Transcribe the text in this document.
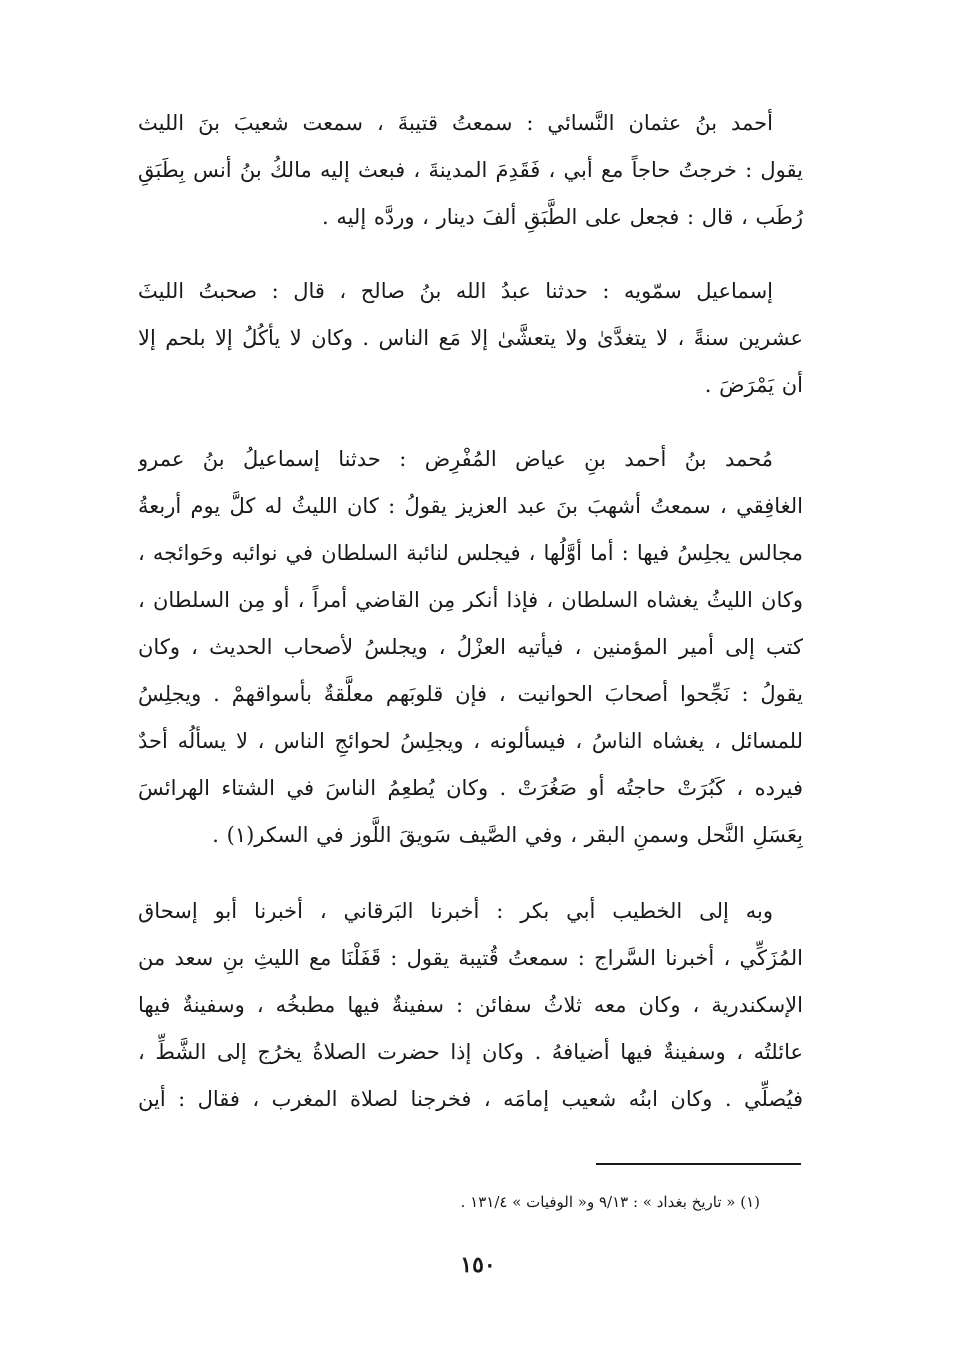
أحمد بنُ عثمان النَّسائي : سمعتُ قتيبةَ ، سمعت شعيبَ بنَ الليث
يقول : خرجتُ حاجاً مع أبي ، فَقَدِمَ المدينةَ ، فبعث إليه مالكُ بنُ أنس بِطَبَقِ
رُطَب ، قال : فجعل على الطَّبَقِ ألفَ دينار ، وردَّه إليه .
إسماعيل سمّويه : حدثنا عبدُ الله بنُ صالح ، قال : صحبتُ الليثَ
عشرين سنةً ، لا يتغدَّىٰ ولا يتعشَّىٰ إلا مَع الناس . وكان لا يأكُلُ إلا بلحم إلا
أن يَمْرَضَ .
مُحمد بنُ أحمد بنِ عياض المُفْرِض : حدثنا إسماعيلُ بنُ عمرو
الغافِقي ، سمعتُ أشهبَ بنَ عبد العزيز يقولُ : كان الليثُ له كلَّ يوم أربعةُ
مجالس يجلِسُ فيها : أما أوَّلُها ، فيجلس لنائبة السلطان في نوائبه وحَوائجه ،
وكان الليثُ يغشاه السلطان ، فإذا أنكر مِن القاضي أمراً ، أو مِن السلطان ،
كتب إلى أمير المؤمنين ، فيأتيه العزْلُ ، ويجلسُ لأصحاب الحديث ، وكان
يقولُ : نَجِّحوا أصحابَ الحوانيت ، فإن قلوبَهم معلَّقةٌ بأسواقهمْ . ويجلِسُ
للمسائل ، يغشاه الناسُ ، فيسألونه ، ويجلِسُ لحوائجِ الناس ، لا يسألُه أحدٌ
فيرده ، كَبُرَتْ حاجتُه أو صَغُرَتْ . وكان يُطعِمُ الناسَ في الشتاء الهرائسَ
بِعَسَلِ النَّحل وسمنِ البقر ، وفي الصَّيف سَويقَ اللَّوز في السكر(١) .
وبه إلى الخطيب أبي بكر : أخبرنا البَرقاني ، أخبرنا أبو إسحاق
المُزَكِّي ، أخبرنا السَّراج : سمعتُ قُتيبة يقول : قَفَلْنَا مع الليثِ بنِ سعد من
الإسكندرية ، وكان معه ثلاثُ سفائن : سفينةٌ فيها مطبخُه ، وسفينةٌ فيها
عائلتُه ، وسفينةٌ فيها أضيافهُ . وكان إذا حضرت الصلاةُ يخرُج إلى الشَّطِّ ،
فيُصلِّي . وكان ابنُه شعيب إمامَه ، فخرجنا لصلاة المغرب ، فقال : أين
(١) « تاريخ بغداد » : ٩/١٣ و« الوفيات » ١٣١/٤ .
١٥٠
